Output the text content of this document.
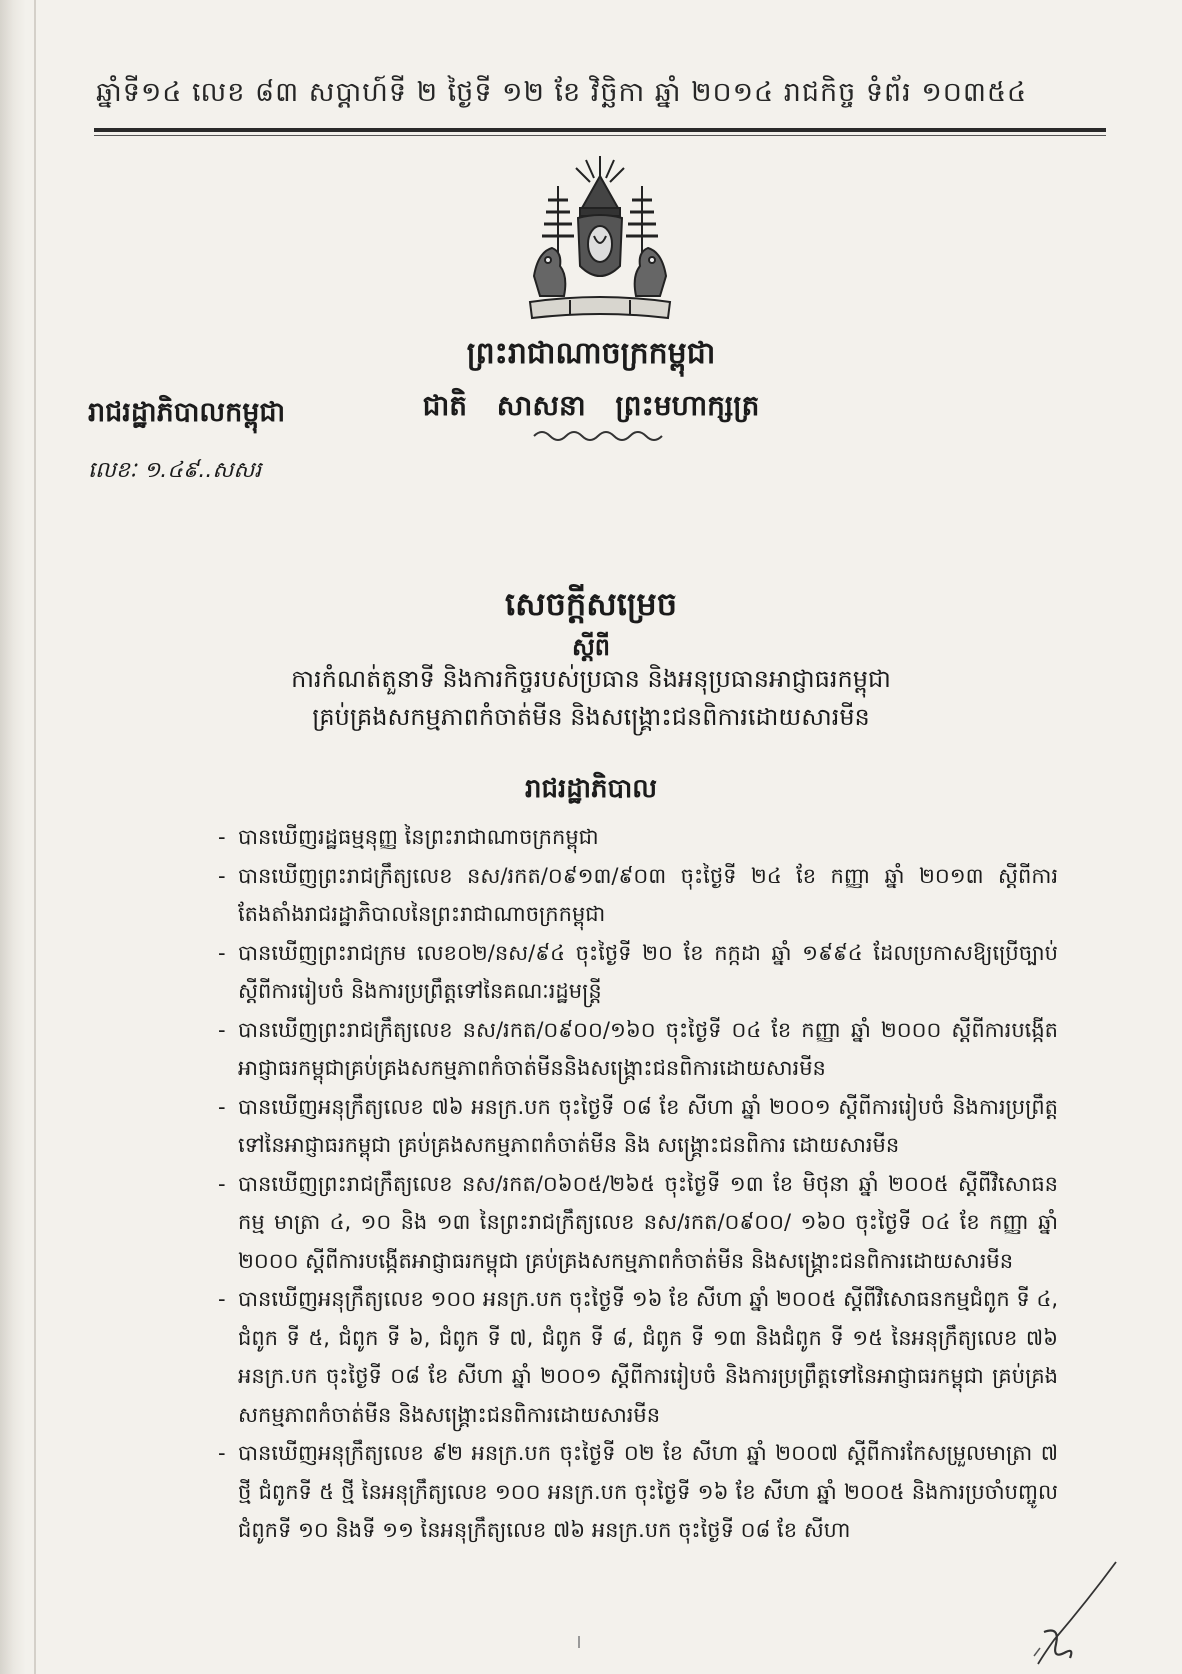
ឆ្នាំទី១៤ លេខ ៨៣ សប្តាហ៍ទី ២ ថ្ងៃទី ១២ ខែ វិច្ឆិកា ឆ្នាំ ២០១៤ រាជកិច្ច ទំព័រ ១០៣៥៤
ព្រះរាជាណាចក្រកម្ពុជា
ជាតិ សាសនា ព្រះមហាក្សត្រ
រាជរដ្ឋាភិបាលកម្ពុជា
លេខៈ ១.៤៩..សសរ
សេចក្តីសម្រេច
ស្តីពី
ការកំណត់តួនាទី និងការកិច្ចរបស់ប្រធាន និងអនុប្រធានអាជ្ញាធរកម្ពុជា
គ្រប់គ្រងសកម្មភាពកំចាត់មីន និងសង្គ្រោះជនពិការដោយសារមីន
រាជរដ្ឋាភិបាល
- បានឃើញរដ្ឋធម្មនុញ្ញ នៃព្រះរាជាណាចក្រកម្ពុជា
- បានឃើញព្រះរាជក្រឹត្យលេខ នស/រកត/០៩១៣/៩០៣ ចុះថ្ងៃទី ២៤ ខែ កញ្ញា ឆ្នាំ ២០១៣ ស្តីពីការតែងតាំងរាជរដ្ឋាភិបាលនៃព្រះរាជាណាចក្រកម្ពុជា
- បានឃើញព្រះរាជក្រម លេខ០២/នស/៩៤ ចុះថ្ងៃទី ២០ ខែ កក្កដា ឆ្នាំ ១៩៩៤ ដែលប្រកាសឱ្យប្រើច្បាប់ស្តីពីការរៀបចំ និងការប្រព្រឹត្តទៅនៃគណៈរដ្ឋមន្ត្រី
- បានឃើញព្រះរាជក្រឹត្យលេខ នស/រកត/០៩០០/១៦០ ចុះថ្ងៃទី ០៤ ខែ កញ្ញា ឆ្នាំ ២០០០ ស្តីពីការបង្កើតអាជ្ញាធរកម្ពុជាគ្រប់គ្រងសកម្មភាពកំចាត់មីននិងសង្គ្រោះជនពិការដោយសារមីន
- បានឃើញអនុក្រឹត្យលេខ ៧៦ អនក្រ.បក ចុះថ្ងៃទី ០៨ ខែ សីហា ឆ្នាំ ២០០១ ស្តីពីការរៀបចំ និងការប្រព្រឹត្តទៅនៃអាជ្ញាធរកម្ពុជា គ្រប់គ្រងសកម្មភាពកំចាត់មីន និង សង្គ្រោះជនពិការ ដោយសារមីន
- បានឃើញព្រះរាជក្រឹត្យលេខ នស/រកត/០៦០៥/២៦៥ ចុះថ្ងៃទី ១៣ ខែ មិថុនា ឆ្នាំ ២០០៥ ស្តីពីវិសោធនកម្ម មាត្រា ៤, ១០ និង ១៣ នៃព្រះរាជក្រឹត្យលេខ នស/រកត/០៩០០/ ១៦០ ចុះថ្ងៃទី ០៤ ខែ កញ្ញា ឆ្នាំ ២០០០ ស្តីពីការបង្កើតអាជ្ញាធរកម្ពុជា គ្រប់គ្រងសកម្មភាពកំចាត់មីន និងសង្គ្រោះជនពិការដោយសារមីន
- បានឃើញអនុក្រឹត្យលេខ ១០០ អនក្រ.បក ចុះថ្ងៃទី ១៦ ខែ សីហា ឆ្នាំ ២០០៥ ស្តីពីវិសោធនកម្មជំពូក ទី ៤, ជំពូក ទី ៥, ជំពូក ទី ៦, ជំពូក ទី ៧, ជំពូក ទី ៨, ជំពូក ទី ១៣ និងជំពូក ទី ១៥ នៃអនុក្រឹត្យលេខ ៧៦ អនក្រ.បក ចុះថ្ងៃទី ០៨ ខែ សីហា ឆ្នាំ ២០០១ ស្តីពីការរៀបចំ និងការប្រព្រឹត្តទៅនៃអាជ្ញាធរកម្ពុជា គ្រប់គ្រងសកម្មភាពកំចាត់មីន និងសង្គ្រោះជនពិការដោយសារមីន
- បានឃើញអនុក្រឹត្យលេខ ៩២ អនក្រ.បក ចុះថ្ងៃទី ០២ ខែ សីហា ឆ្នាំ ២០០៧ ស្តីពីការកែសម្រួលមាត្រា ៧ ថ្មី ជំពូកទី ៥ ថ្មី នៃអនុក្រឹត្យលេខ ១០០ អនក្រ.បក ចុះថ្ងៃទី ១៦ ខែ សីហា ឆ្នាំ ២០០៥ និងការប្រចាំបញ្ចូលជំពូកទី ១០ និងទី ១១ នៃអនុក្រឹត្យលេខ ៧៦ អនក្រ.បក ចុះថ្ងៃទី ០៨ ខែ សីហា
